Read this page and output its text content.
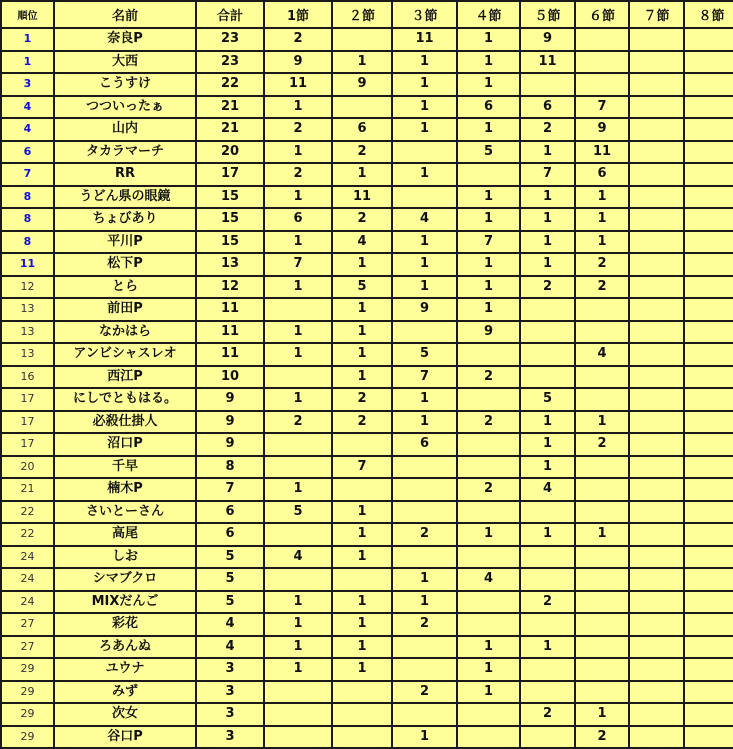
順位	名前	合計	1節	２節	３節	４節	５節	６節	７節	８節
1	奈良P	23	2		11	1	9			
1	大西	23	9	1	1	1	11			
3	こうすけ	22	11	9	1	1				
4	つついったぁ	21	1		1	6	6	7		
4	山内	21	2	6	1	1	2	9		
6	タカラマーチ	20	1	2		5	1	11		
7	RR	17	2	1	1		7	6		
8	うどん県の眼鏡	15	1	11		1	1	1		
8	ちょびあり	15	6	2	4	1	1	1		
8	平川P	15	1	4	1	7	1	1		
11	松下P	13	7	1	1	1	1	2		
12	とら	12	1	5	1	1	2	2		
13	前田P	11		1	9	1				
13	なかはら	11	1	1		9				
13	アンビシャスレオ	11	1	1	5			4		
16	西江P	10		1	7	2				
17	にしでともはる。	9	1	2	1		5			
17	必殺仕掛人	9	2	2	1	2	1	1		
17	沼口P	9			6		1	2		
20	千早	8		7			1			
21	楠木P	7	1			2	4			
22	さいとーさん	6	5	1						
22	高尾	6		1	2	1	1	1		
24	しお	5	4	1						
24	シマブクロ	5			1	4				
24	MIXだんご	5	1	1	1		2			
27	彩花	4	1	1	2					
27	ろあんぬ	4	1	1		1	1			
29	ユウナ	3	1	1		1				
29	みず	3			2	1				
29	次女	3					2	1		
29	谷口P	3			1			2		
